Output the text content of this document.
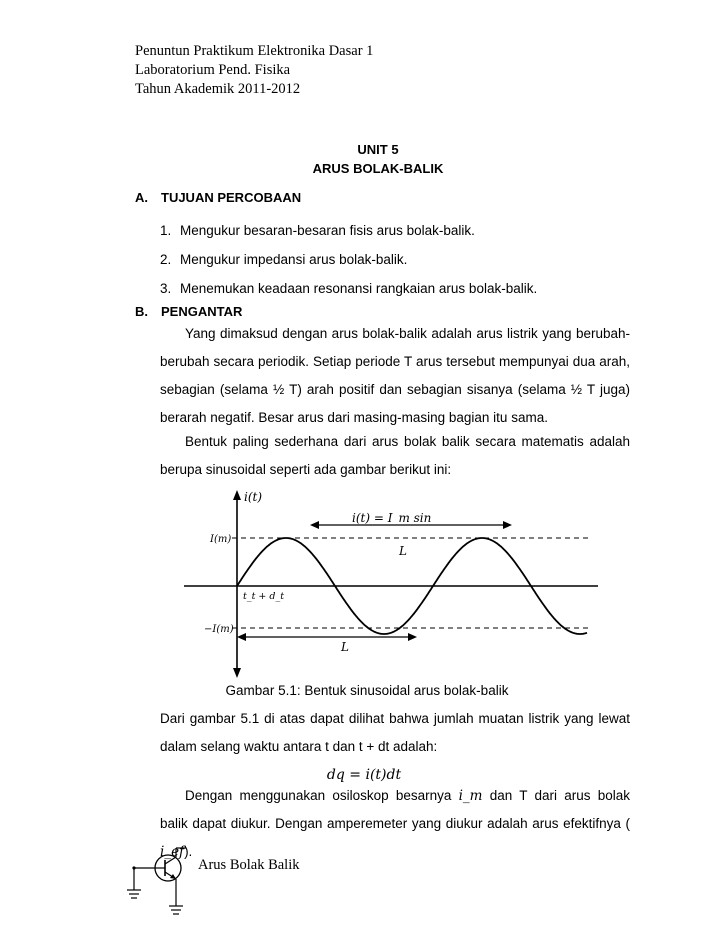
Penuntun Praktikum Elektronika Dasar 1
Laboratorium Pend. Fisika
Tahun Akademik 2011-2012
UNIT 5
ARUS BOLAK-BALIK
A. TUJUAN PERCOBAAN
1. Mengukur besaran-besaran fisis arus bolak-balik.
2. Mengukur impedansi arus bolak-balik.
3. Menemukan keadaan resonansi rangkaian arus bolak-balik.
B. PENGANTAR
Yang dimaksud dengan arus bolak-balik adalah arus listrik yang berubah-berubah secara periodik. Setiap periode T arus tersebut mempunyai dua arah, sebagian (selama ½ T) arah positif dan sebagian sisanya (selama ½ T juga) berarah negatif. Besar arus dari masing-masing bagian itu sama.
Bentuk paling sederhana dari arus bolak balik secara matematis adalah berupa sinusoidal seperti ada gambar berikut ini:
i(t)
i(t) = I_m sin
L
I(m)
−I(m)
t_t + d_t
L
Gambar 5.1: Bentuk sinusoidal arus bolak-balik
Dari gambar 5.1 di atas dapat dilihat bahwa jumlah muatan listrik yang lewat dalam selang waktu antara t dan t + dt adalah:
dq = i(t)dt
Dengan menggunakan osiloskop besarnya i_m dan T dari arus bolak balik dapat diukur. Dengan amperemeter yang diukur adalah arus efektifnya ( i_ef).
Arus Bolak Balik
